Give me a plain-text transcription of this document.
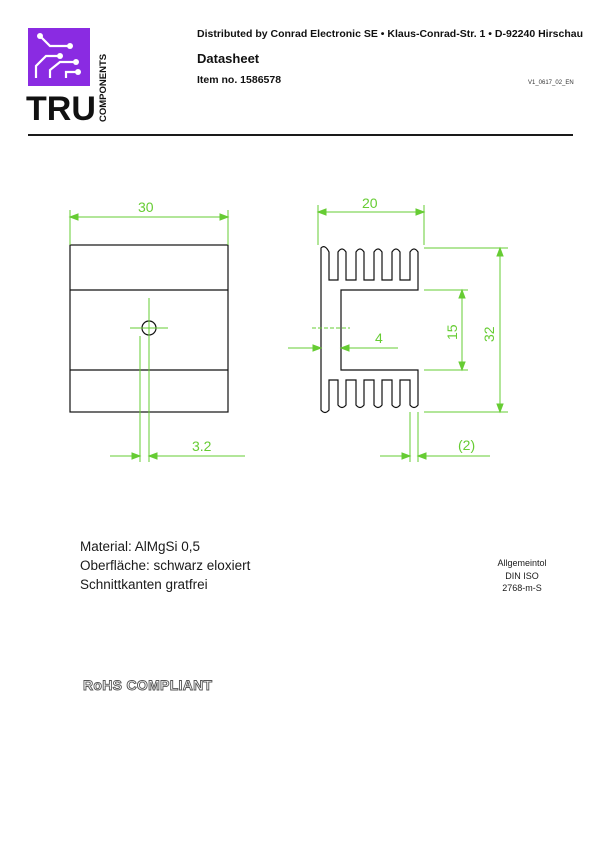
TRU COMPONENTS
Distributed by Conrad Electronic SE • Klaus-Conrad-Str. 1 • D-92240 Hirschau
Datasheet
Item no. 1586578	V1_0617_02_EN
30
3.2
20
15 32
4
(2)
Material: AlMgSi 0,5
Oberfläche: schwarz eloxiert
Schnittkanten gratfrei
Allgemeintol
DIN ISO
2768-m-S
RoHS COMPLIANT
